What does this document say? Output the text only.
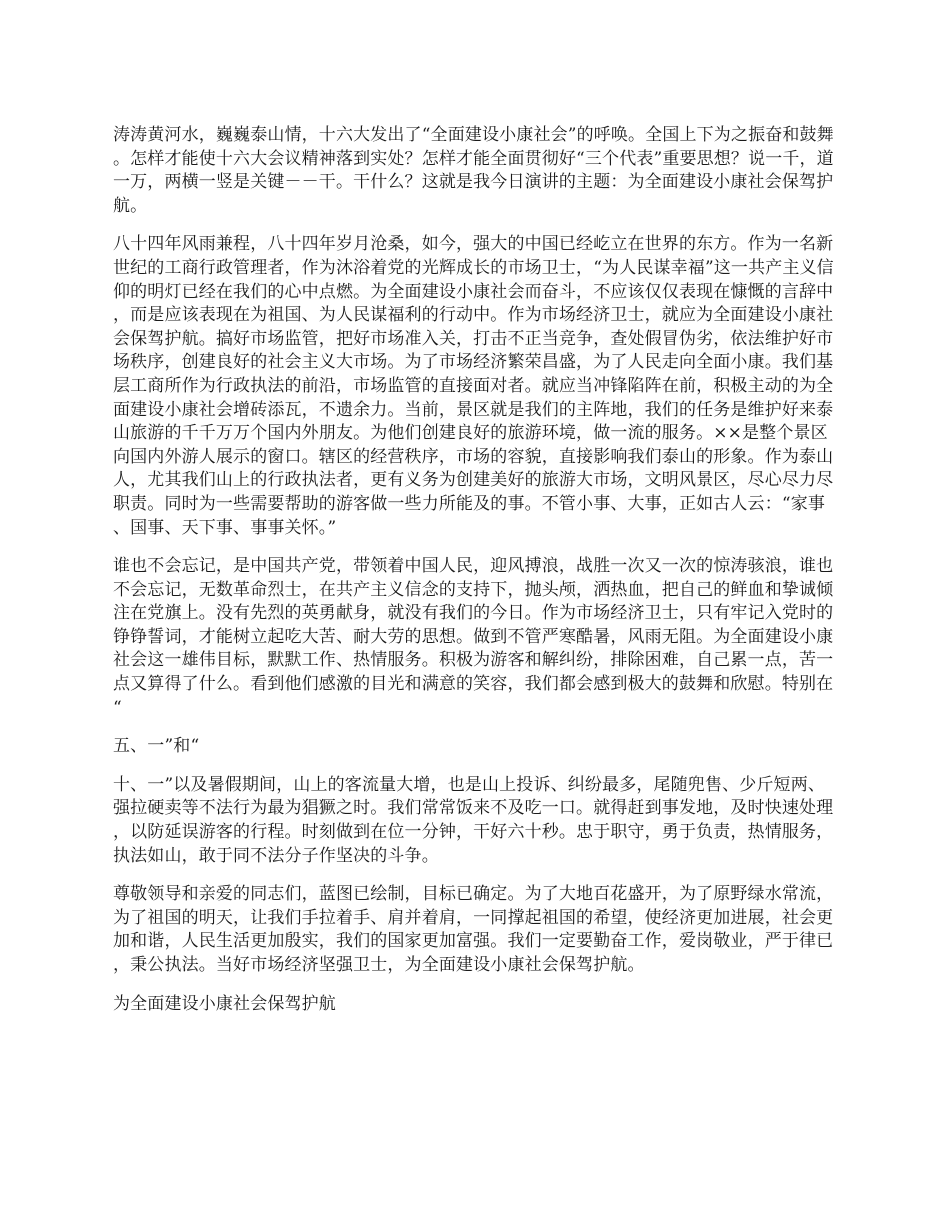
涛涛黄河水，巍巍泰山情，十六大发出了“全面建设小康社会”的呼唤。全国上下为之振奋和鼓舞。怎样才能使十六大会议精神落到实处？怎样才能全面贯彻好“三个代表”重要思想？说一千，道一万，两横一竖是关键－－干。干什么？这就是我今日演讲的主题：为全面建设小康社会保驾护航。

八十四年风雨兼程，八十四年岁月沧桑，如今，强大的中国已经屹立在世界的东方。作为一名新世纪的工商行政管理者，作为沐浴着党的光辉成长的市场卫士，“为人民谋幸福”这一共产主义信仰的明灯已经在我们的心中点燃。为全面建设小康社会而奋斗，不应该仅仅表现在慷慨的言辞中，而是应该表现在为祖国、为人民谋福利的行动中。作为市场经济卫士，就应为全面建设小康社会保驾护航。搞好市场监管，把好市场准入关，打击不正当竞争，查处假冒伪劣，依法维护好市场秩序，创建良好的社会主义大市场。为了市场经济繁荣昌盛，为了人民走向全面小康。我们基层工商所作为行政执法的前沿，市场监管的直接面对者。就应当冲锋陷阵在前，积极主动的为全面建设小康社会增砖添瓦，不遗余力。当前，景区就是我们的主阵地，我们的任务是维护好来泰山旅游的千千万万个国内外朋友。为他们创建良好的旅游环境，做一流的服务。××是整个景区向国内外游人展示的窗口。辖区的经营秩序，市场的容貌，直接影响我们泰山的形象。作为泰山人，尤其我们山上的行政执法者，更有义务为创建美好的旅游大市场，文明风景区，尽心尽力尽职责。同时为一些需要帮助的游客做一些力所能及的事。不管小事、大事，正如古人云：“家事、国事、天下事、事事关怀。”

谁也不会忘记，是中国共产党，带领着中国人民，迎风搏浪，战胜一次又一次的惊涛骇浪，谁也不会忘记，无数革命烈士，在共产主义信念的支持下，抛头颅，洒热血，把自己的鲜血和挚诚倾注在党旗上。没有先烈的英勇献身，就没有我们的今日。作为市场经济卫士，只有牢记入党时的铮铮誓词，才能树立起吃大苦、耐大劳的思想。做到不管严寒酷暑，风雨无阻。为全面建设小康社会这一雄伟目标，默默工作、热情服务。积极为游客和解纠纷，排除困难，自己累一点，苦一点又算得了什么。看到他们感激的目光和满意的笑容，我们都会感到极大的鼓舞和欣慰。特别在“

五、一”和“

十、一”以及暑假期间，山上的客流量大增，也是山上投诉、纠纷最多，尾随兜售、少斤短两、强拉硬卖等不法行为最为猖獗之时。我们常常饭来不及吃一口。就得赶到事发地，及时快速处理，以防延误游客的行程。时刻做到在位一分钟，干好六十秒。忠于职守，勇于负责，热情服务，执法如山，敢于同不法分子作坚决的斗争。

尊敬领导和亲爱的同志们，蓝图已绘制，目标已确定。为了大地百花盛开，为了原野绿水常流，为了祖国的明天，让我们手拉着手、肩并着肩，一同撑起祖国的希望，使经济更加进展，社会更加和谐，人民生活更加殷实，我们的国家更加富强。我们一定要勤奋工作，爱岗敬业，严于律已，秉公执法。当好市场经济坚强卫士，为全面建设小康社会保驾护航。

为全面建设小康社会保驾护航
